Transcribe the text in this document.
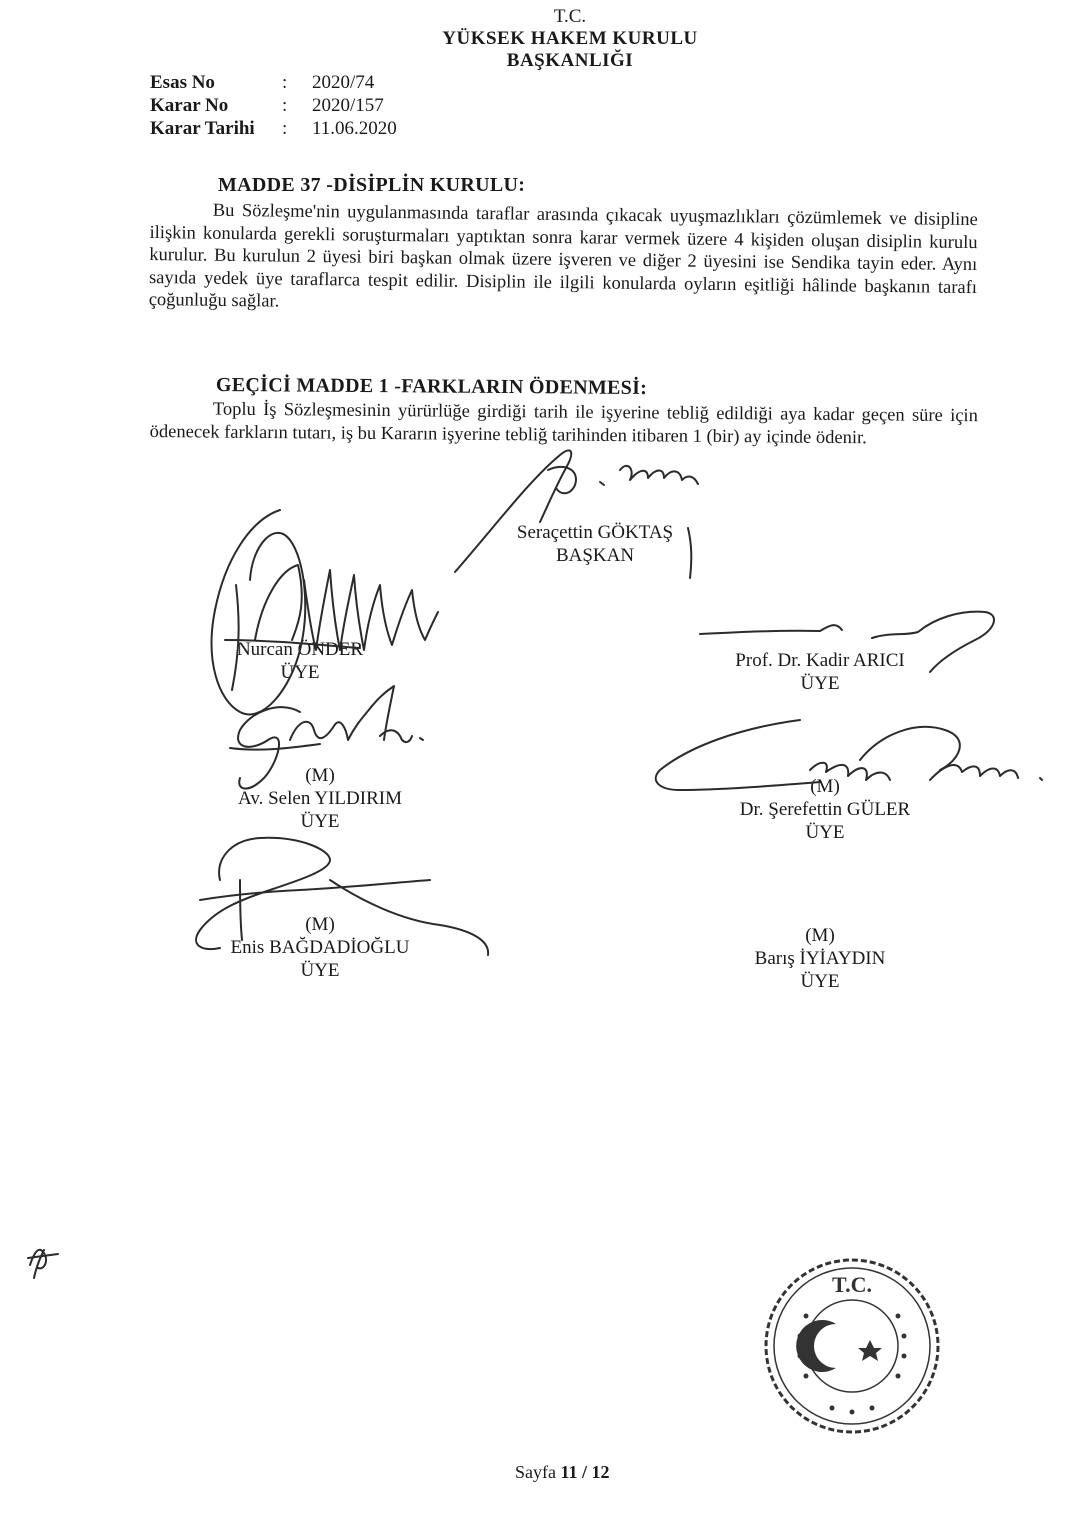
T.C.
YÜKSEK HAKEM KURULU
BAŞKANLIĞI
Esas No	: 2020/74
Karar No	: 2020/157
Karar Tarihi : 11.06.2020
MADDE 37 -DİSİPLİN KURULU:
Bu Sözleşme'nin uygulanmasında taraflar arasında çıkacak uyuşmazlıkları çözümlemek ve disipline ilişkin konularda gerekli soruşturmaları yaptıktan sonra karar vermek üzere 4 kişiden oluşan disiplin kurulu kurulur. Bu kurulun 2 üyesi biri başkan olmak üzere işveren ve diğer 2 üyesini ise Sendika tayin eder. Aynı sayıda yedek üye taraflarca tespit edilir. Disiplin ile ilgili konularda oyların eşitliği hâlinde başkanın tarafı çoğunluğu sağlar.
GEÇİCİ MADDE 1 -FARKLARIN ÖDENMESİ:
Toplu İş Sözleşmesinin yürürlüğe girdiği tarih ile işyerine tebliğ edildiği aya kadar geçen süre için ödenecek farkların tutarı, iş bu Kararın işyerine tebliğ tarihinden itibaren 1 (bir) ay içinde ödenir.
Seraçettin GÖKTAŞ
BAŞKAN
Nurcan ÖNDER
ÜYE
Prof. Dr. Kadir ARICI
ÜYE
(M)
Av. Selen YILDIRIM
ÜYE
(M)
Dr. Şerefettin GÜLER
ÜYE
(M)
Enis BAĞDADİOĞLU
ÜYE
(M)
Barış İYİAYDIN
ÜYE
T.C.
Sayfa 11 / 12
